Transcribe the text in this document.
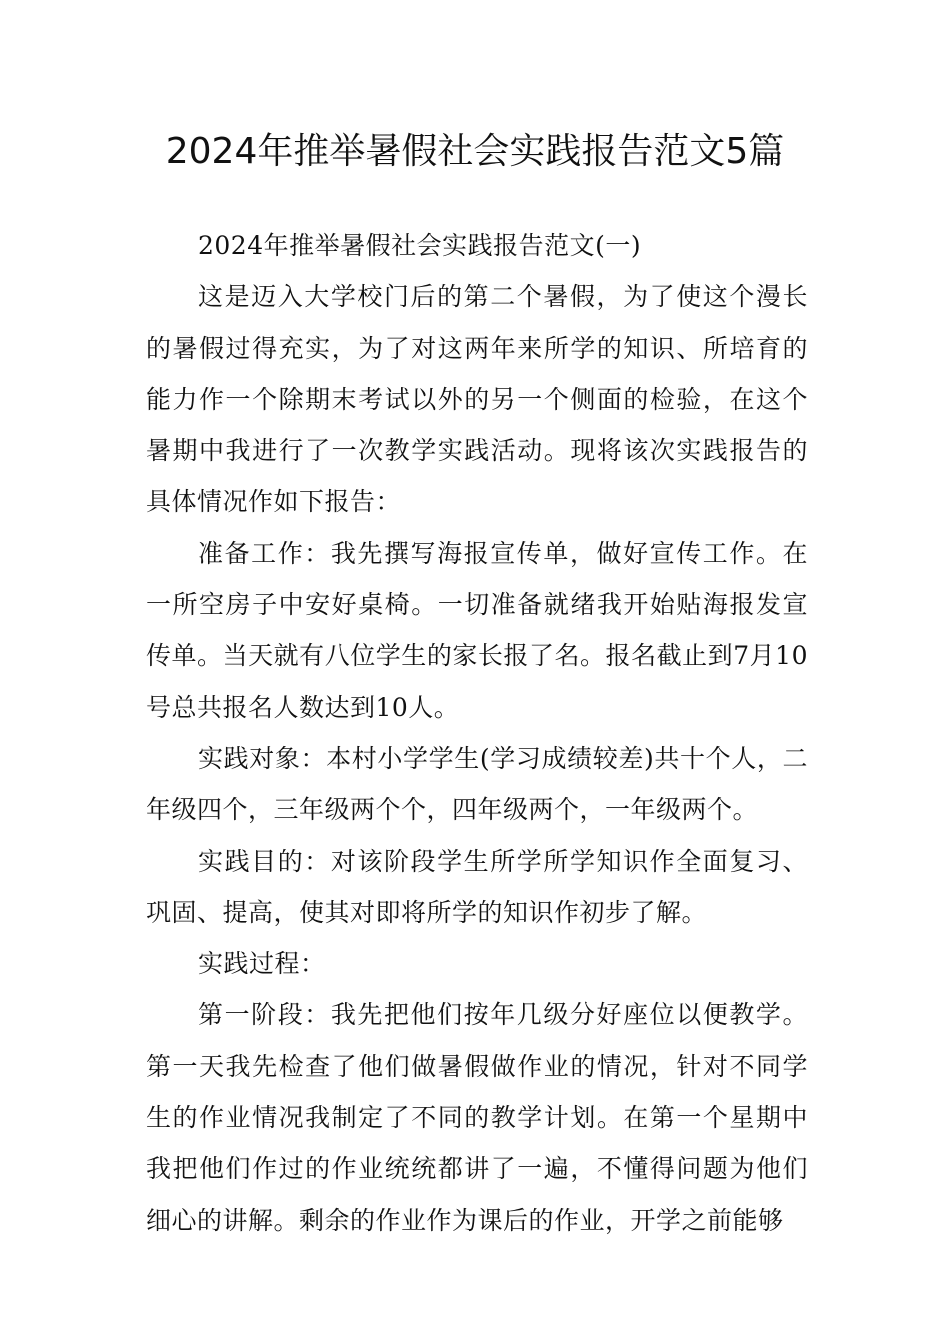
2024年推举暑假社会实践报告范文5篇

2024年推举暑假社会实践报告范文(一)

这是迈入大学校门后的第二个暑假，为了使这个漫长的暑假过得充实，为了对这两年来所学的知识、所培育的能力作一个除期末考试以外的另一个侧面的检验，在这个暑期中我进行了一次教学实践活动。现将该次实践报告的具体情况作如下报告：

准备工作：我先撰写海报宣传单，做好宣传工作。在一所空房子中安好桌椅。一切准备就绪我开始贴海报发宣传单。当天就有八位学生的家长报了名。报名截止到7月10号总共报名人数达到10人。

实践对象：本村小学学生(学习成绩较差)共十个人，二年级四个，三年级两个个，四年级两个，一年级两个。

实践目的：对该阶段学生所学所学知识作全面复习、巩固、提高，使其对即将所学的知识作初步了解。

实践过程：

第一阶段：我先把他们按年几级分好座位以便教学。第一天我先检查了他们做暑假做作业的情况，针对不同学生的作业情况我制定了不同的教学计划。在第一个星期中我把他们作过的作业统统都讲了一遍，不懂得问题为他们细心的讲解。剩余的作业作为课后的作业，开学之前能够
